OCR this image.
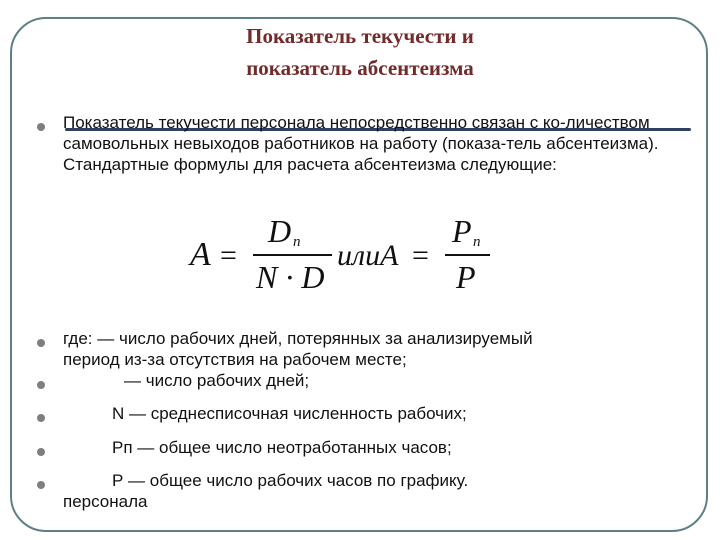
Показатель текучести и
показатель абсентеизма
Показатель текучести персонала непосредственно связан с ко-личеством самовольных невыходов работников на работу (показа-тель абсентеизма). Стандартные формулы для расчета абсентеизма следующие:
A =
D n
N · D
илиA =
P n
P
где: — число рабочих дней, потерянных за анализируемый
период из-за отсутствия на рабочем месте;
— число рабочих дней;
N — среднесписочная численность рабочих;
Рп — общее число неотработанных часов;
Р — общее число рабочих часов по графику.
персонала
